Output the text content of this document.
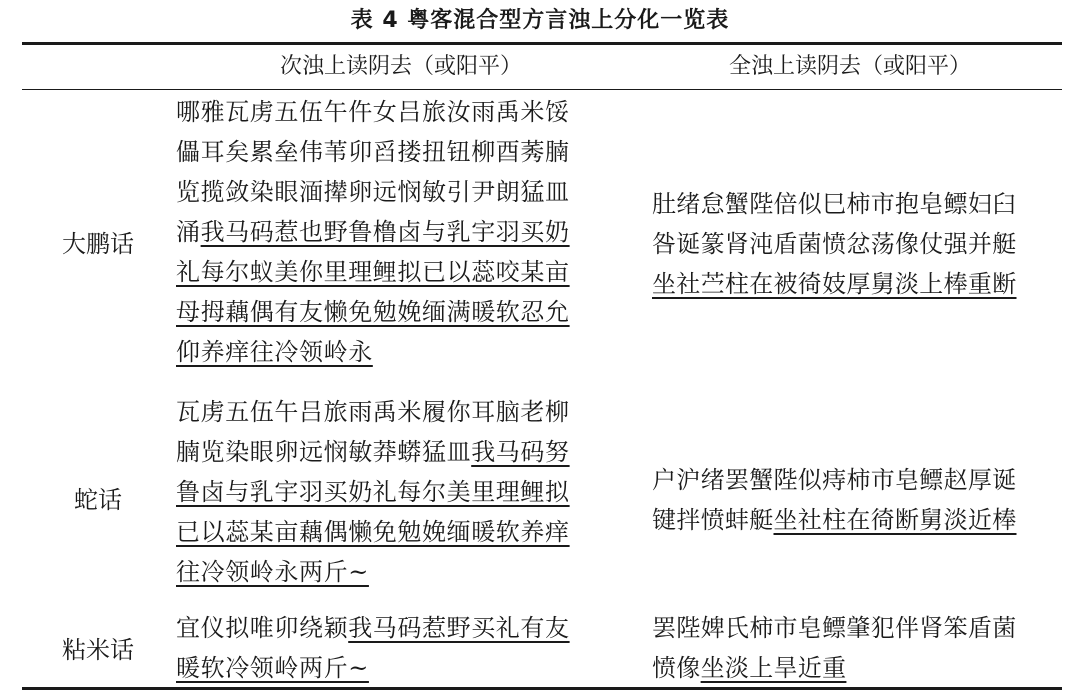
表 4 粤客混合型方言浊上分化一览表
次浊上读阴去（或阳平）	全浊上读阴去（或阳平）
大鹏话
哪雅瓦虏五伍午仵女吕旅汝雨禹米馁
儡耳矣累垒伟苇卯舀搂扭钮柳酉莠腩
览揽敛染眼湎撵卵远悯敏引尹朗猛皿
涌我马码惹也野鲁橹卤与乳宇羽买奶
礼每尔蚁美你里理鲤拟已以蕊咬某亩
母拇藕偶有友懒免勉娩缅满暖软忍允
仰养痒往冷领岭永
肚绪怠蟹陛倍似巳柿市抱皂鳔妇臼
咎诞篆肾沌盾菌愤忿荡像仗强并艇
坐社苎柱在被徛妓厚舅淡上棒重断
蛇话
瓦虏五伍午吕旅雨禹米履你耳脑老柳
腩览染眼卵远悯敏莽蟒猛皿我马码努
鲁卤与乳宇羽买奶礼每尔美里理鲤拟
已以蕊某亩藕偶懒免勉娩缅暖软养痒
往冷领岭永两斤~
户沪绪罢蟹陛似痔柿市皂鳔赵厚诞
键拌愤蚌艇坐社柱在徛断舅淡近棒
粘米话
宜仪拟唯卯绕颖我马码惹野买礼有友
暖软冷领岭两斤~
罢陛婢氏柿市皂鳔肇犯伴肾笨盾菌
愤像坐淡上旱近重
